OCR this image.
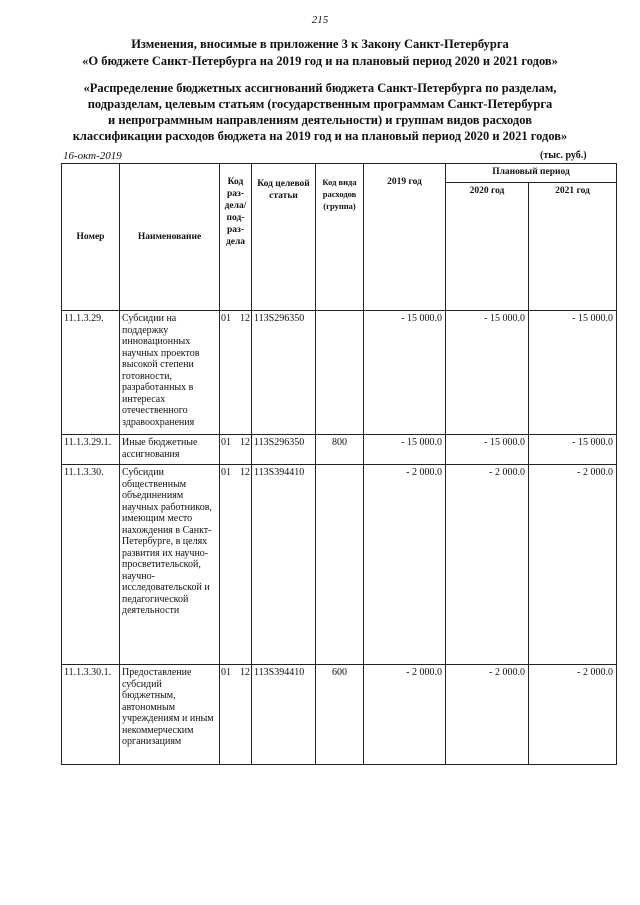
215
Изменения, вносимые в приложение 3 к Закону Санкт-Петербурга
«О бюджете Санкт-Петербурга на 2019 год и на плановый период 2020 и 2021 годов»
«Распределение бюджетных ассигнований бюджета Санкт-Петербурга по разделам,
подразделам, целевым статьям (государственным программам Санкт-Петербурга
и непрограммным направлениям деятельности) и группам видов расходов
классификации расходов бюджета на 2019 год и на плановый период 2020 и 2021 годов»
16-окт-2019	(тыс. руб.)
Номер	Наименование	Код раз- дела/ под- раз- дела	Код целевой статьи	Код вида расходов (группа)	2019 год	Плановый период	
						2020 год	2021 год
11.1.3.29.	Субсидии на поддержку инновационных научных проектов высокой степени готовности, разработанных в интересах отечественного здравоохранения	01 12	113S296350		- 15 000.0	- 15 000.0	- 15 000.0
11.1.3.29.1.	Иные бюджетные ассигнования	01 12	113S296350	800	- 15 000.0	- 15 000.0	- 15 000.0
11.1.3.30.	Субсидии общественным объединениям научных работников, имеющим место нахождения в Санкт-Петербурге, в целях развития их научно-просветительской, научно-исследовательской и педагогической деятельности	01 12	113S394410		- 2 000.0	- 2 000.0	- 2 000.0
11.1.3.30.1.	Предоставление субсидий бюджетным, автономным учреждениям и иным некоммерческим организациям	01 12	113S394410	600	- 2 000.0	- 2 000.0	- 2 000.0
